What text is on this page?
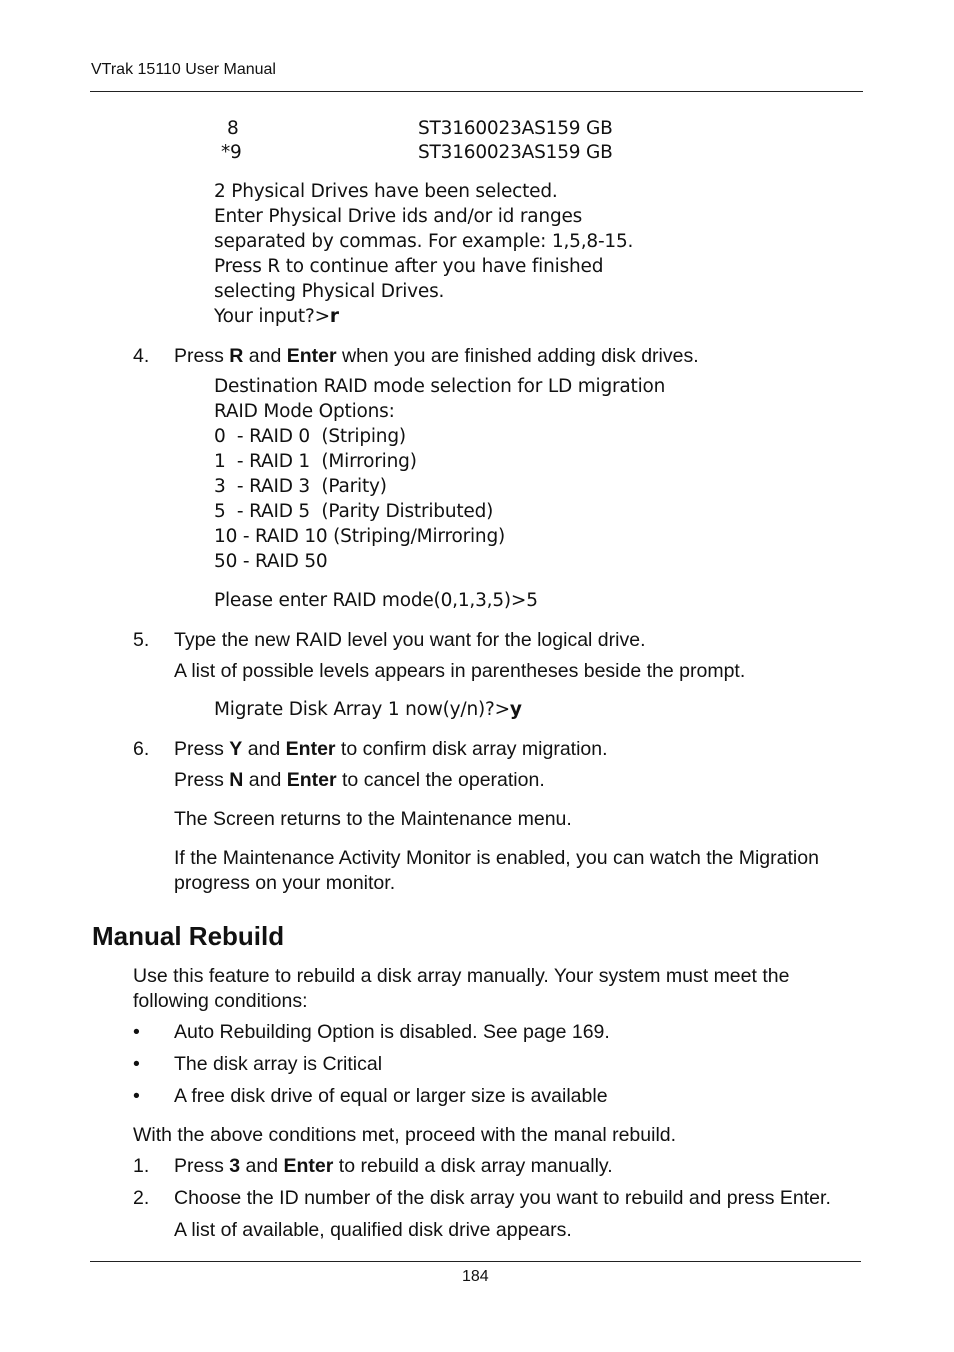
VTrak 15110 User Manual
8	ST3160023AS159 GB
*9	ST3160023AS159 GB
2 Physical Drives have been selected.
Enter Physical Drive ids and/or id ranges
separated by commas. For example: 1,5,8-15.
Press R to continue after you have finished
selecting Physical Drives.
Your input?>r
4. Press R and Enter when you are finished adding disk drives.
Destination RAID mode selection for LD migration
RAID Mode Options:
0  - RAID 0  (Striping)
1  - RAID 1  (Mirroring)
3  - RAID 3  (Parity)
5  - RAID 5  (Parity Distributed)
10 - RAID 10 (Striping/Mirroring)
50 - RAID 50
Please enter RAID mode(0,1,3,5)>5
5. Type the new RAID level you want for the logical drive.
A list of possible levels appears in parentheses beside the prompt.
Migrate Disk Array 1 now(y/n)?>y
6. Press Y and Enter to confirm disk array migration.
Press N and Enter to cancel the operation.
The Screen returns to the Maintenance menu.
If the Maintenance Activity Monitor is enabled, you can watch the Migration
progress on your monitor.
Manual Rebuild
Use this feature to rebuild a disk array manually. Your system must meet the
following conditions:
• Auto Rebuilding Option is disabled. See page 169.
• The disk array is Critical
• A free disk drive of equal or larger size is available
With the above conditions met, proceed with the manal rebuild.
1. Press 3 and Enter to rebuild a disk array manually.
2. Choose the ID number of the disk array you want to rebuild and press Enter.
A list of available, qualified disk drive appears.
184
